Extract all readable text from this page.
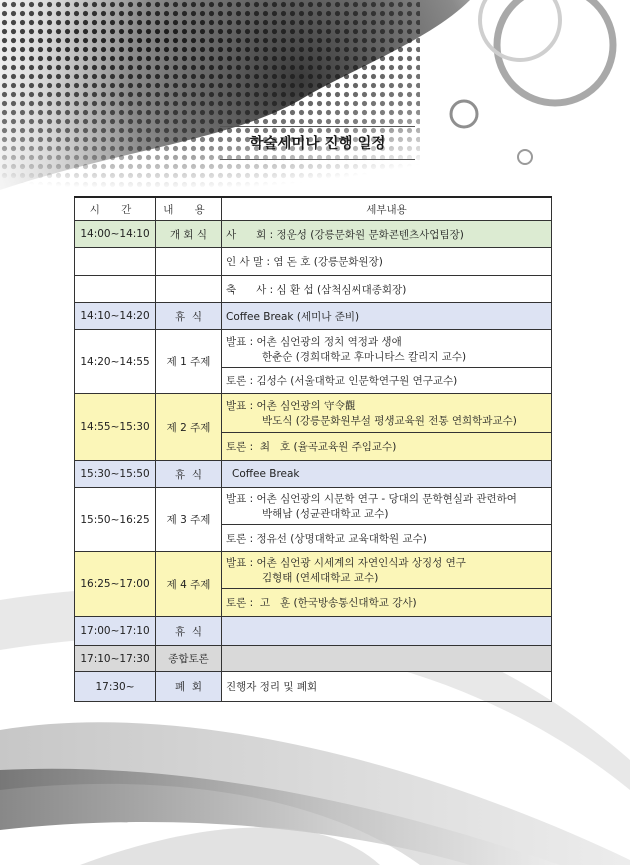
학술세미나 진행 일정
시 간	내 용	세부내용
14:00~14:10	개 회 식	사      회 : 정운성 (강릉문화원 문화콘텐츠사업팀장)
		인 사 말 : 염 돈 호 (강릉문화원장)
		축      사 : 심 환 섭 (삼척심씨대종회장)
14:10~14:20	휴  식	Coffee Break (세미나 준비)
14:20~14:55	제 1 주제	발표 : 어촌 심언광의 정치 역정과 생애
한춘순 (경희대학교 후마니타스 칼리지 교수)

		토론 : 김성수 (서울대학교 인문학연구원 연구교수)
14:55~15:30	제 2 주제	발표 : 어촌 심언광의 守令觀
박도식 (강릉문화원부설 평생교육원 전통 연희학과교수)

		토론 :  최   호 (율곡교육원 주임교수)
15:30~15:50	휴  식	Coffee Break
15:50~16:25	제 3 주제	발표 : 어촌 심언광의 시문학 연구 - 당대의 문학현실과 관련하여
박해남 (성균관대학교 교수)

		토론 : 정유선 (상명대학교 교육대학원 교수)
16:25~17:00	제 4 주제	발표 : 어촌 심언광 시세계의 자연인식과 상징성 연구
김형태 (연세대학교 교수)

		토론 :  고   훈 (한국방송통신대학교 강사)
17:00~17:10	휴  식	
17:10~17:30	종합토론	
17:30~	폐  회	진행자 정리 및 폐회
